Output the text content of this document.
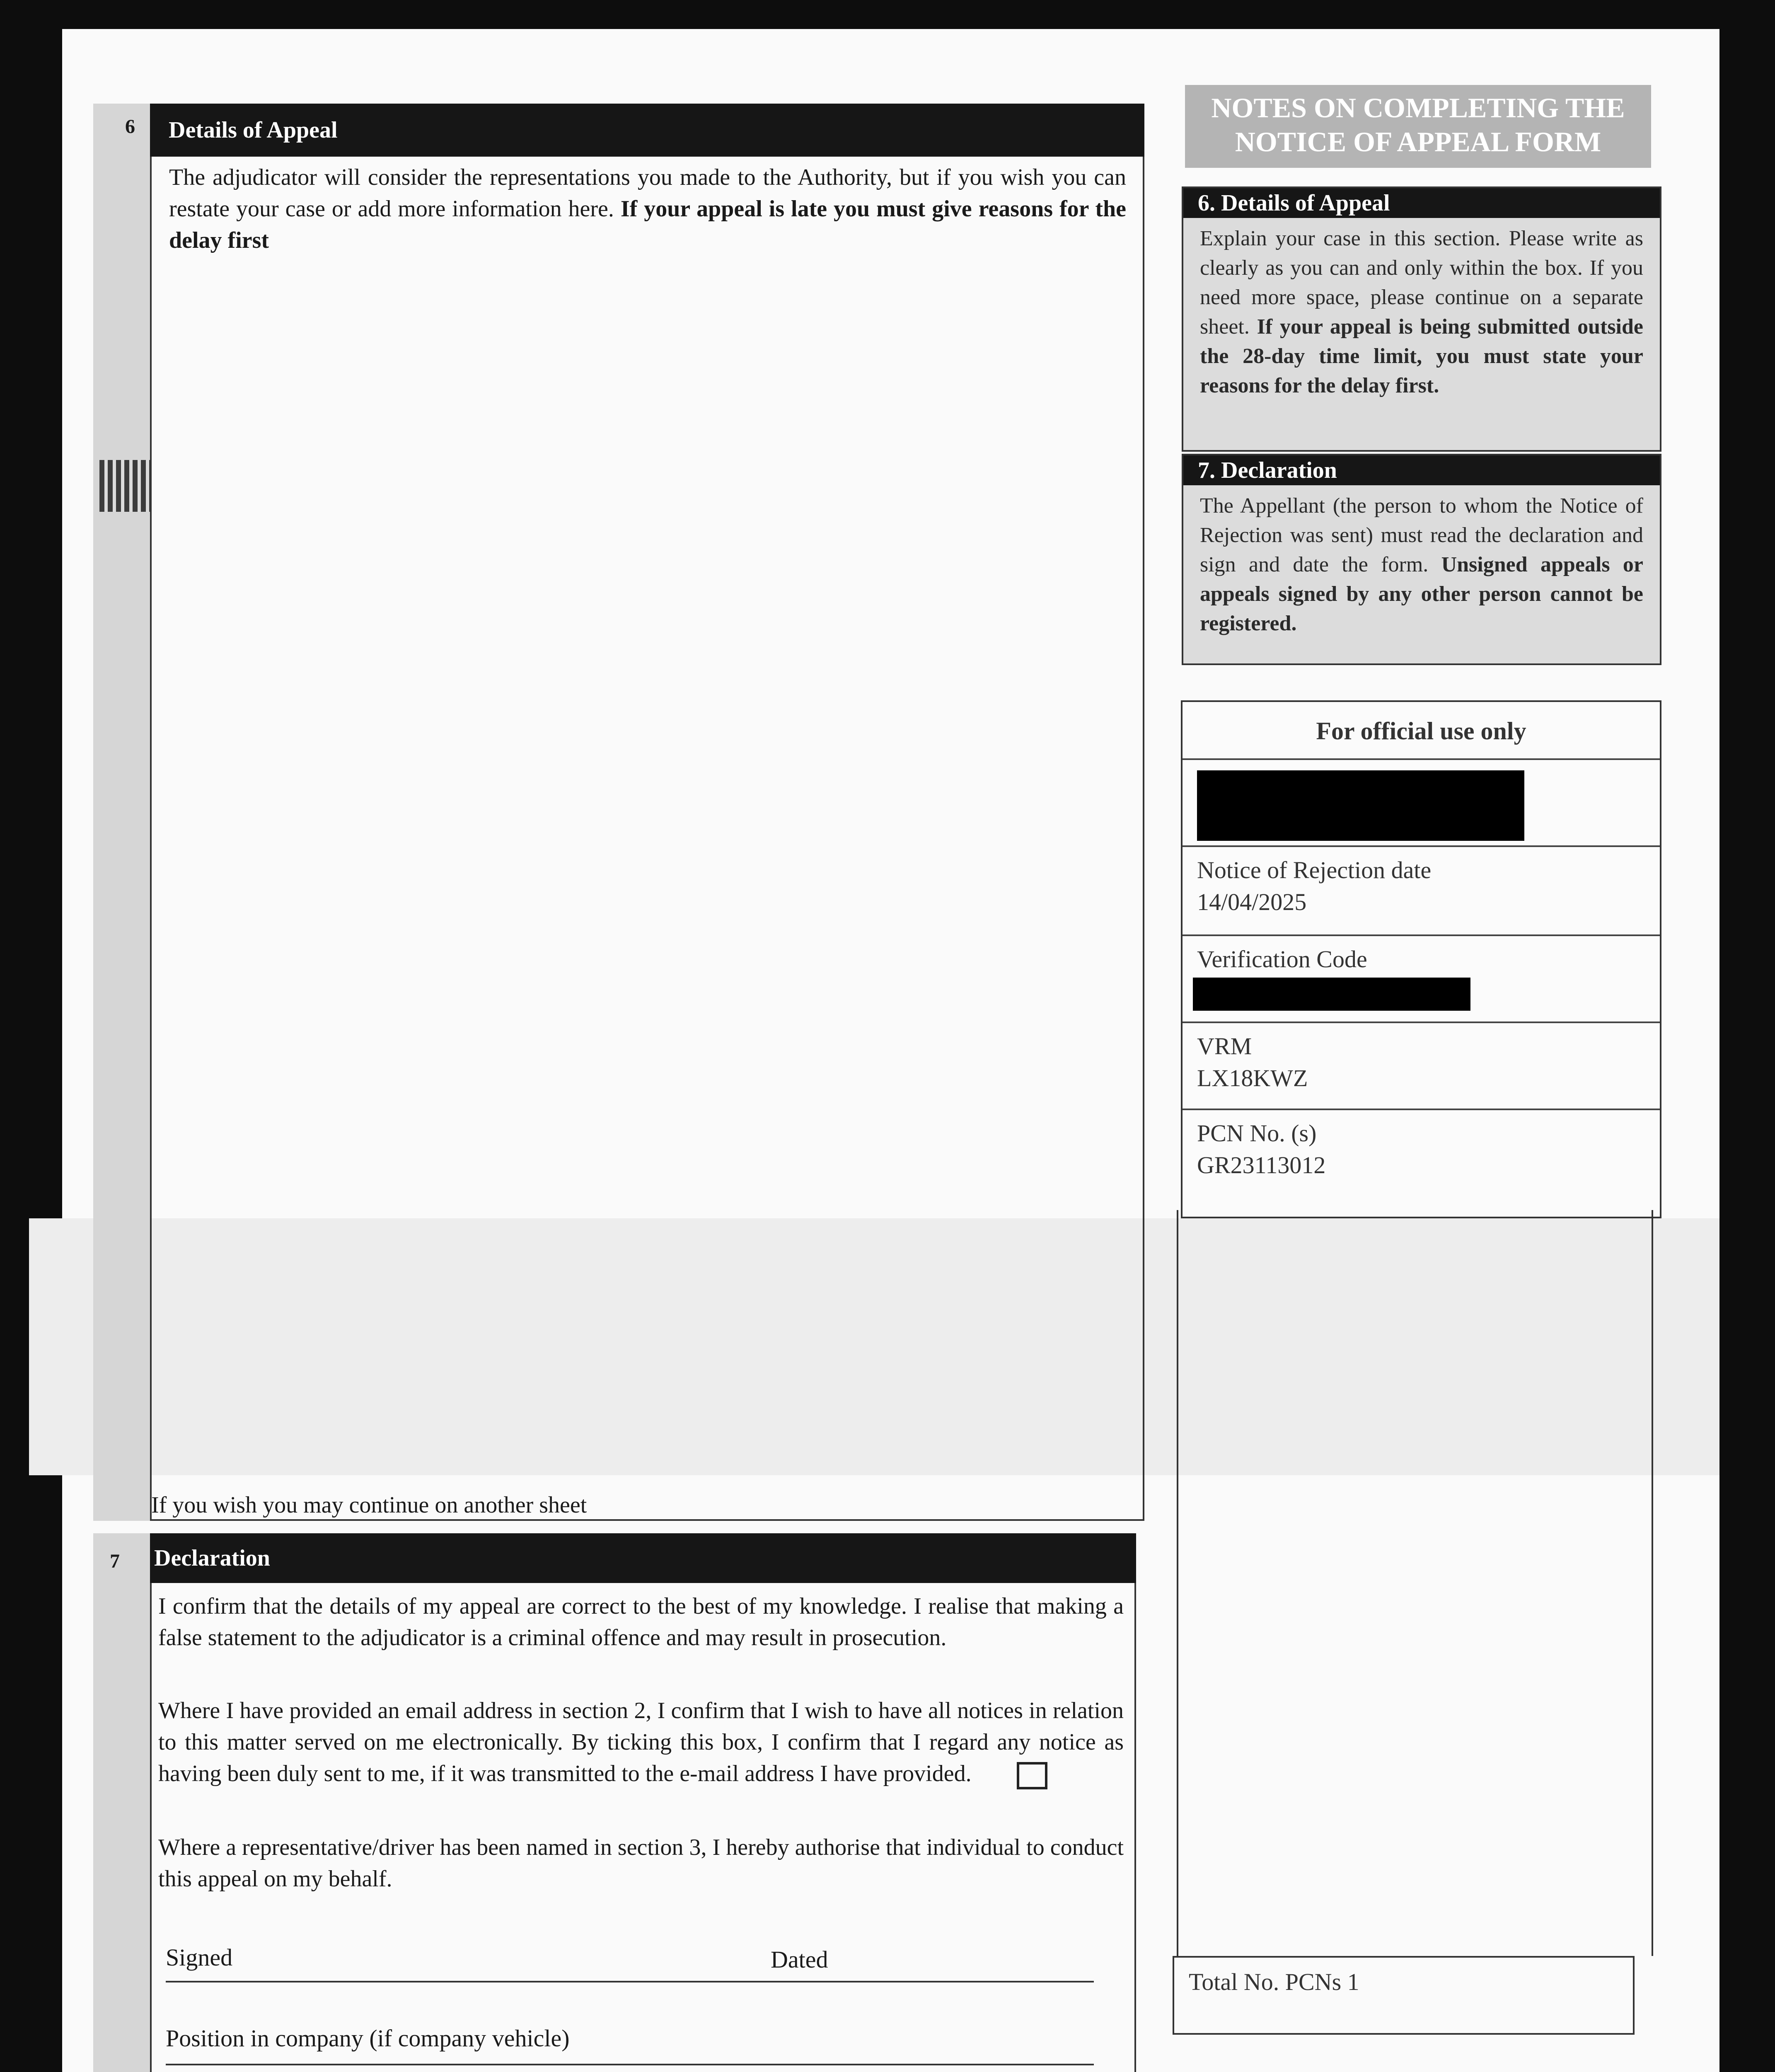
6	Details of Appeal
The adjudicator will consider the representations you made to the Authority, but if you wish you can restate your case or add more information here. If your appeal is late you must give reasons for the delay first
If you wish you may continue on another sheet
7 Declaration
I confirm that the details of my appeal are correct to the best of my knowledge. I realise that making a false statement to the adjudicator is a criminal offence and may result in prosecution.
Where I have provided an email address in section 2, I confirm that I wish to have all notices in relation to this matter served on me electronically. By ticking this box, I confirm that I regard any notice as having been duly sent to me, if it was transmitted to the e-mail address I have provided.
Where a representative/driver has been named in section 3, I hereby authorise that individual to conduct this appeal on my behalf.
Signed	Dated
Position in company (if company vehicle)
NOTES ON COMPLETING THE NOTICE OF APPEAL FORM
6. Details of Appeal
Explain your case in this section. Please write as clearly as you can and only within the box. If you need more space, please continue on a separate sheet. If your appeal is being submitted outside the 28-day time limit, you must state your reasons for the delay first.
7. Declaration
The Appellant (the person to whom the Notice of Rejection was sent) must read the declaration and sign and date the form. Unsigned appeals or appeals signed by any other person cannot be registered.
For official use only
Notice of Rejection date
14/04/2025
Verification Code
VRM
LX18KWZ
PCN No. (s)
GR23113012
Total No. PCNs 1
